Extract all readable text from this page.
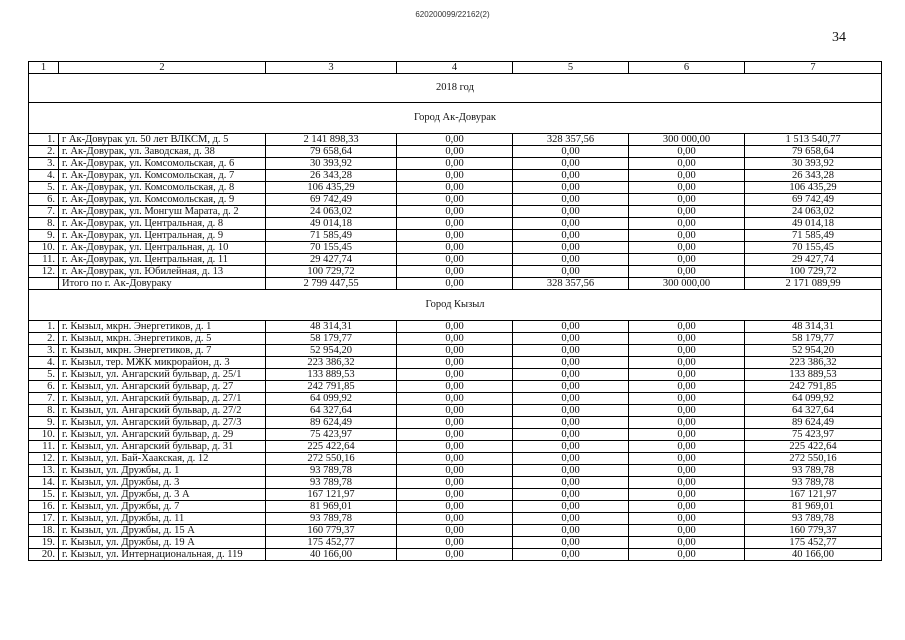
620200099/22162(2)
34
1	2	3	4	5	6	7
2018 год						
Город Ак-Довурак						
1.	г Ак-Довурак ул. 50 лет ВЛКСМ, д. 5	2 141 898,33	0,00	328 357,56	300 000,00	1 513 540,77
2.	г. Ак-Довурак, ул. Заводская, д. 38	79 658,64	0,00	0,00	0,00	79 658,64
3.	г. Ак-Довурак, ул. Комсомольская, д. 6	30 393,92	0,00	0,00	0,00	30 393,92
4.	г. Ак-Довурак, ул. Комсомольская, д. 7	26 343,28	0,00	0,00	0,00	26 343,28
5.	г. Ак-Довурак, ул. Комсомольская, д. 8	106 435,29	0,00	0,00	0,00	106 435,29
6.	г. Ак-Довурак, ул. Комсомольская, д. 9	69 742,49	0,00	0,00	0,00	69 742,49
7.	г. Ак-Довурак, ул. Монгуш Марата, д. 2	24 063,02	0,00	0,00	0,00	24 063,02
8.	г. Ак-Довурак, ул. Центральная, д. 8	49 014,18	0,00	0,00	0,00	49 014,18
9.	г. Ак-Довурак, ул. Центральная, д. 9	71 585,49	0,00	0,00	0,00	71 585,49
10.	г. Ак-Довурак, ул. Центральная, д. 10	70 155,45	0,00	0,00	0,00	70 155,45
11.	г. Ак-Довурак, ул. Центральная, д. 11	29 427,74	0,00	0,00	0,00	29 427,74
12.	г. Ак-Довурак, ул. Юбилейная, д. 13	100 729,72	0,00	0,00	0,00	100 729,72
	Итого по г. Ак-Довураку	2 799 447,55	0,00	328 357,56	300 000,00	2 171 089,99
Город Кызыл						
1.	г. Кызыл, мкрн. Энергетиков, д. 1	48 314,31	0,00	0,00	0,00	48 314,31
2.	г. Кызыл, мкрн. Энергетиков, д. 5	58 179,77	0,00	0,00	0,00	58 179,77
3.	г. Кызыл, мкрн. Энергетиков, д. 7	52 954,20	0,00	0,00	0,00	52 954,20
4.	г. Кызыл, тер. МЖК микрорайон, д. 3	223 386,32	0,00	0,00	0,00	223 386,32
5.	г. Кызыл, ул. Ангарский бульвар, д. 25/1	133 889,53	0,00	0,00	0,00	133 889,53
6.	г. Кызыл, ул. Ангарский бульвар, д. 27	242 791,85	0,00	0,00	0,00	242 791,85
7.	г. Кызыл, ул. Ангарский бульвар, д. 27/1	64 099,92	0,00	0,00	0,00	64 099,92
8.	г. Кызыл, ул. Ангарский бульвар, д. 27/2	64 327,64	0,00	0,00	0,00	64 327,64
9.	г. Кызыл, ул. Ангарский бульвар, д. 27/3	89 624,49	0,00	0,00	0,00	89 624,49
10.	г. Кызыл, ул. Ангарский бульвар, д. 29	75 423,97	0,00	0,00	0,00	75 423,97
11.	г. Кызыл, ул. Ангарский бульвар, д. 31	225 422,64	0,00	0,00	0,00	225 422,64
12.	г. Кызыл, ул. Бай-Хаакская, д. 12	272 550,16	0,00	0,00	0,00	272 550,16
13.	г. Кызыл, ул. Дружбы, д. 1	93 789,78	0,00	0,00	0,00	93 789,78
14.	г. Кызыл, ул. Дружбы, д. 3	93 789,78	0,00	0,00	0,00	93 789,78
15.	г. Кызыл, ул. Дружбы, д. 3 А	167 121,97	0,00	0,00	0,00	167 121,97
16.	г. Кызыл, ул. Дружбы, д. 7	81 969,01	0,00	0,00	0,00	81 969,01
17.	г. Кызыл, ул. Дружбы, д. 11	93 789,78	0,00	0,00	0,00	93 789,78
18.	г. Кызыл, ул. Дружбы, д. 15 А	160 779,37	0,00	0,00	0,00	160 779,37
19.	г. Кызыл, ул. Дружбы, д. 19 А	175 452,77	0,00	0,00	0,00	175 452,77
20.	г. Кызыл, ул. Интернациональная, д. 119	40 166,00	0,00	0,00	0,00	40 166,00
